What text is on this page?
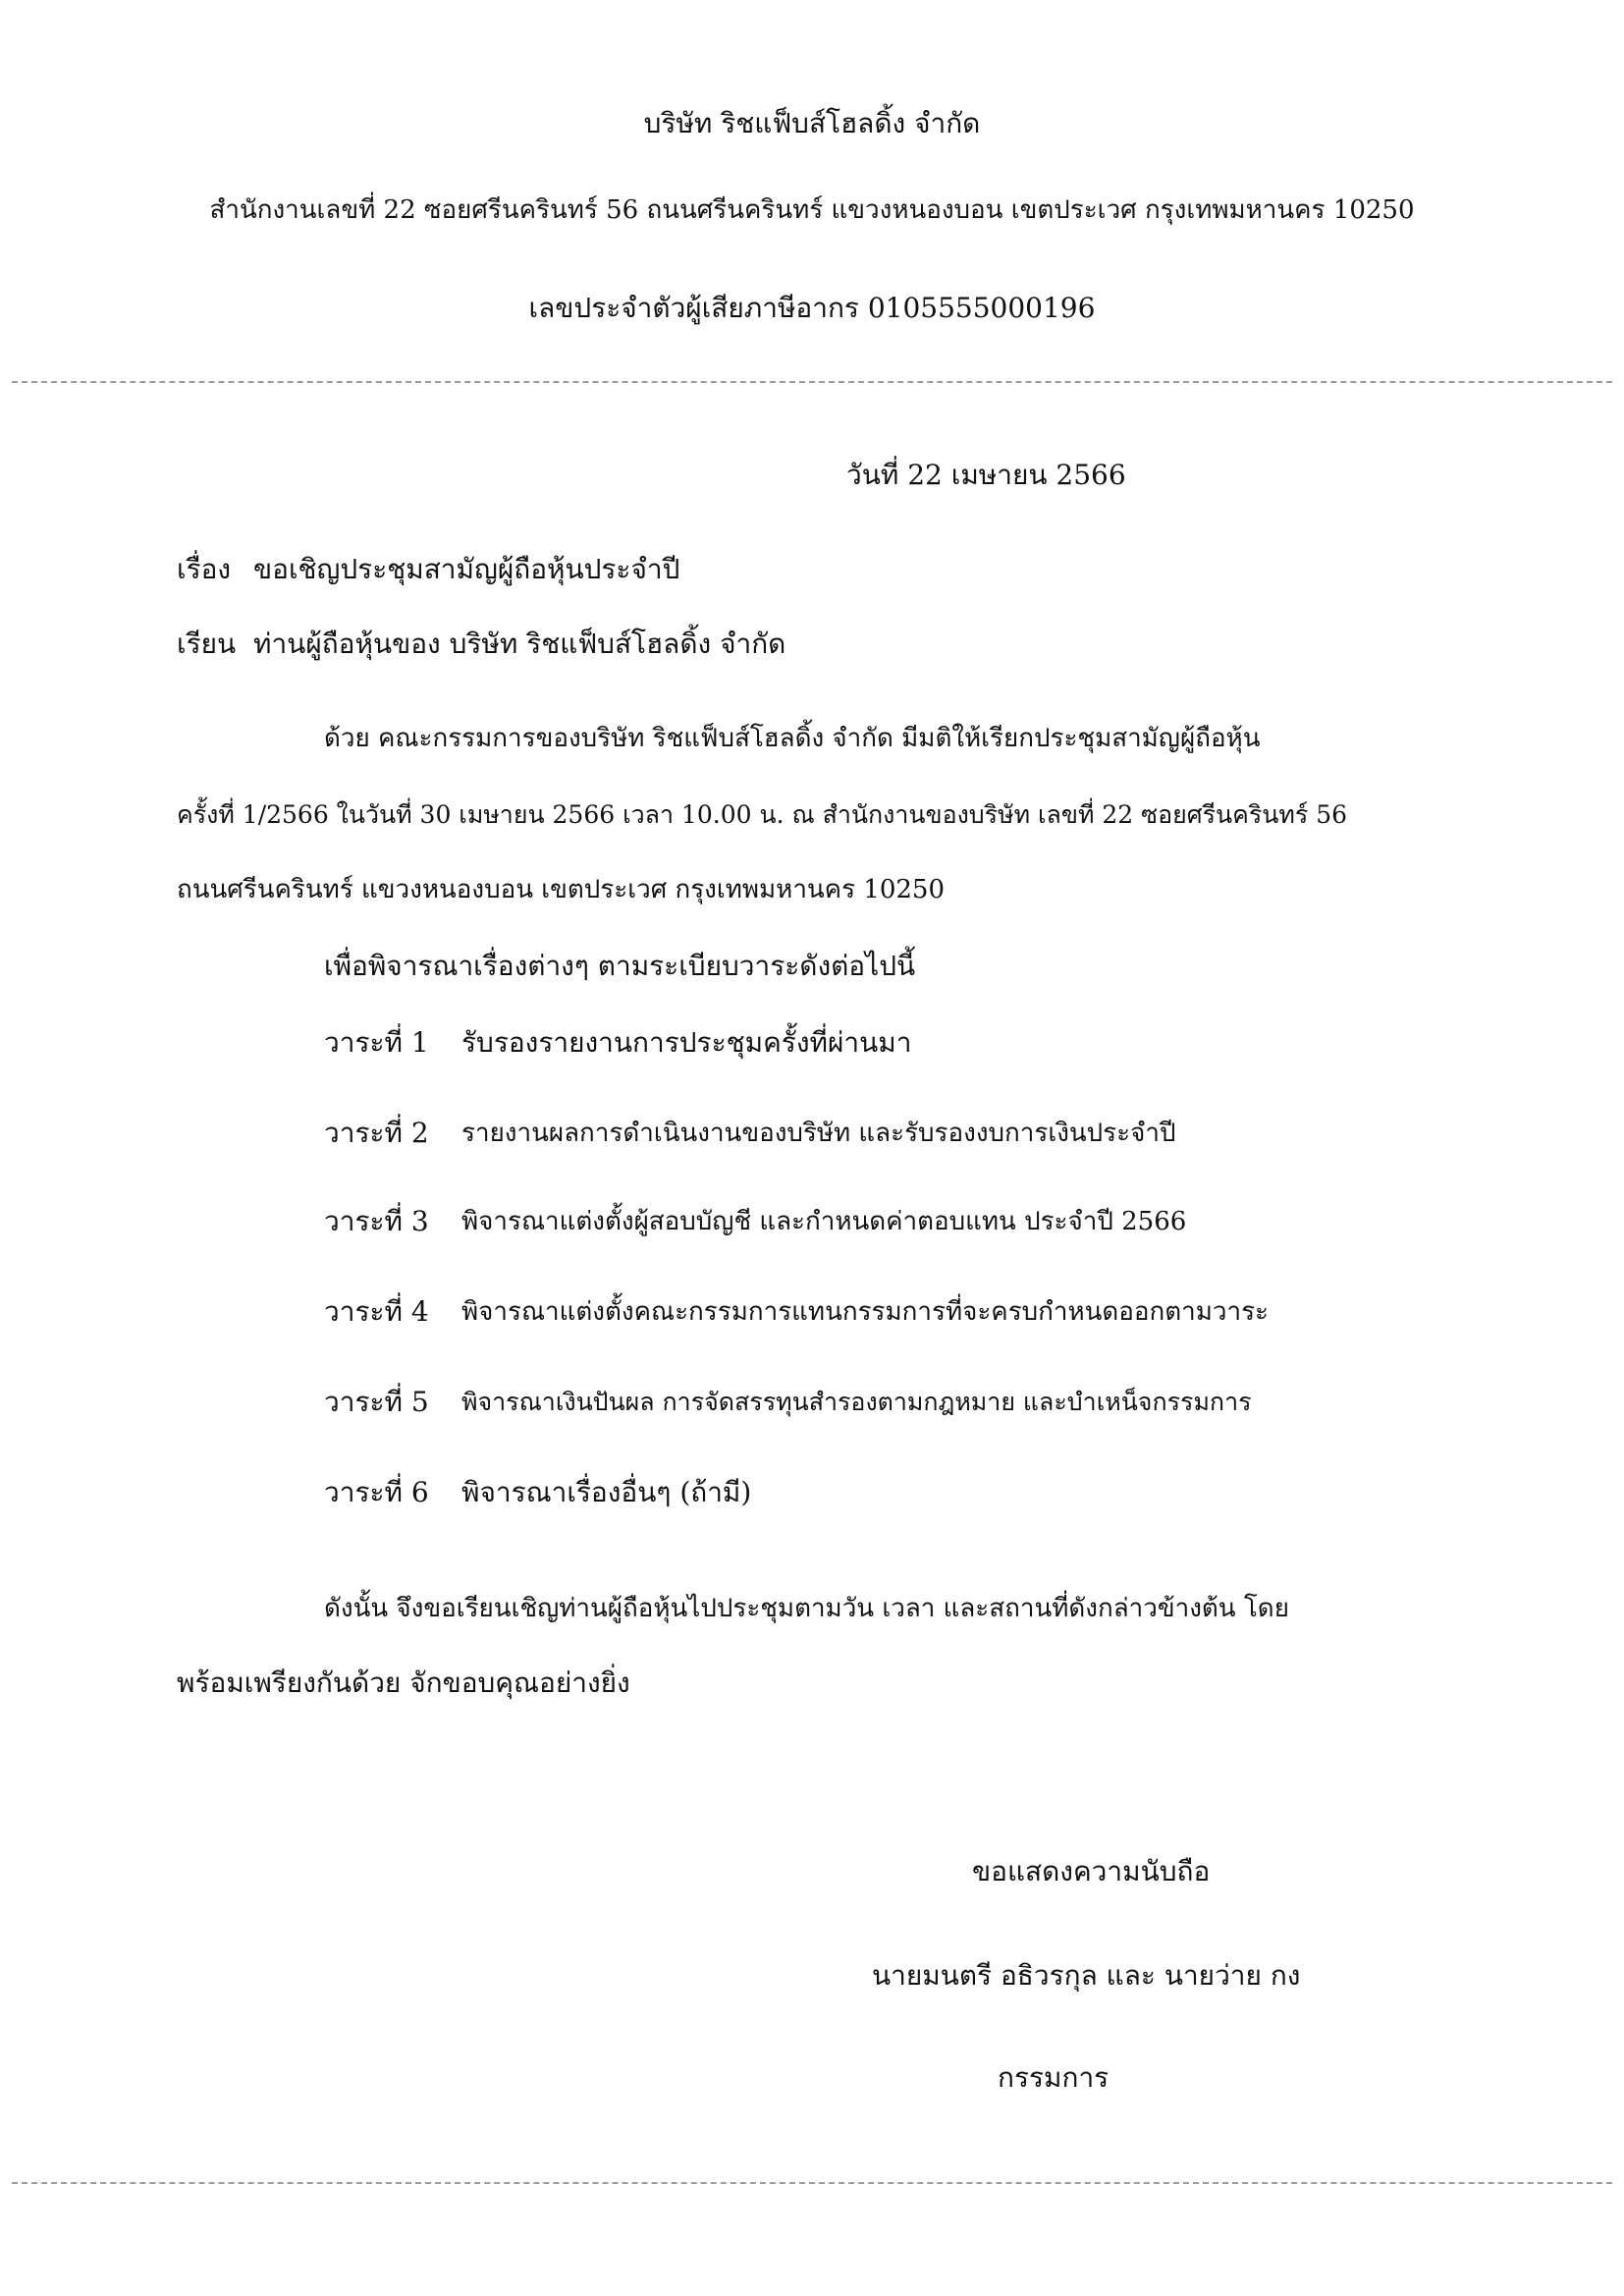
บริษัท ริชแฟ็บส์โฮลดิ้ง จำกัด
สำนักงานเลขที่ 22 ซอยศรีนครินทร์ 56 ถนนศรีนครินทร์ แขวงหนองบอน เขตประเวศ กรุงเทพมหานคร 10250
เลขประจำตัวผู้เสียภาษีอากร 0105555000196
วันที่ 22 เมษายน 2566
เรื่อง ขอเชิญประชุมสามัญผู้ถือหุ้นประจำปี
เรียน ท่านผู้ถือหุ้นของ บริษัท ริชแฟ็บส์โฮลดิ้ง จำกัด
ด้วย คณะกรรมการของบริษัท ริชแฟ็บส์โฮลดิ้ง จำกัด มีมติให้เรียกประชุมสามัญผู้ถือหุ้น
ครั้งที่ 1/2566 ในวันที่ 30 เมษายน 2566 เวลา 10.00 น. ณ สำนักงานของบริษัท เลขที่ 22 ซอยศรีนครินทร์ 56
ถนนศรีนครินทร์ แขวงหนองบอน เขตประเวศ กรุงเทพมหานคร 10250
เพื่อพิจารณาเรื่องต่างๆ ตามระเบียบวาระดังต่อไปนี้
วาระที่ 1 รับรองรายงานการประชุมครั้งที่ผ่านมา
วาระที่ 2 รายงานผลการดำเนินงานของบริษัท และรับรองงบการเงินประจำปี
วาระที่ 3 พิจารณาแต่งตั้งผู้สอบบัญชี และกำหนดค่าตอบแทน ประจำปี 2566
วาระที่ 4 พิจารณาแต่งตั้งคณะกรรมการแทนกรรมการที่จะครบกำหนดออกตามวาระ
วาระที่ 5 พิจารณาเงินปันผล การจัดสรรทุนสำรองตามกฎหมาย และบำเหน็จกรรมการ
วาระที่ 6 พิจารณาเรื่องอื่นๆ (ถ้ามี)
ดังนั้น จึงขอเรียนเชิญท่านผู้ถือหุ้นไปประชุมตามวัน เวลา และสถานที่ดังกล่าวข้างต้น โดย
พร้อมเพรียงกันด้วย จักขอบคุณอย่างยิ่ง
ขอแสดงความนับถือ
นายมนตรี อธิวรกุล และ นายว่าย กง
กรรมการ
